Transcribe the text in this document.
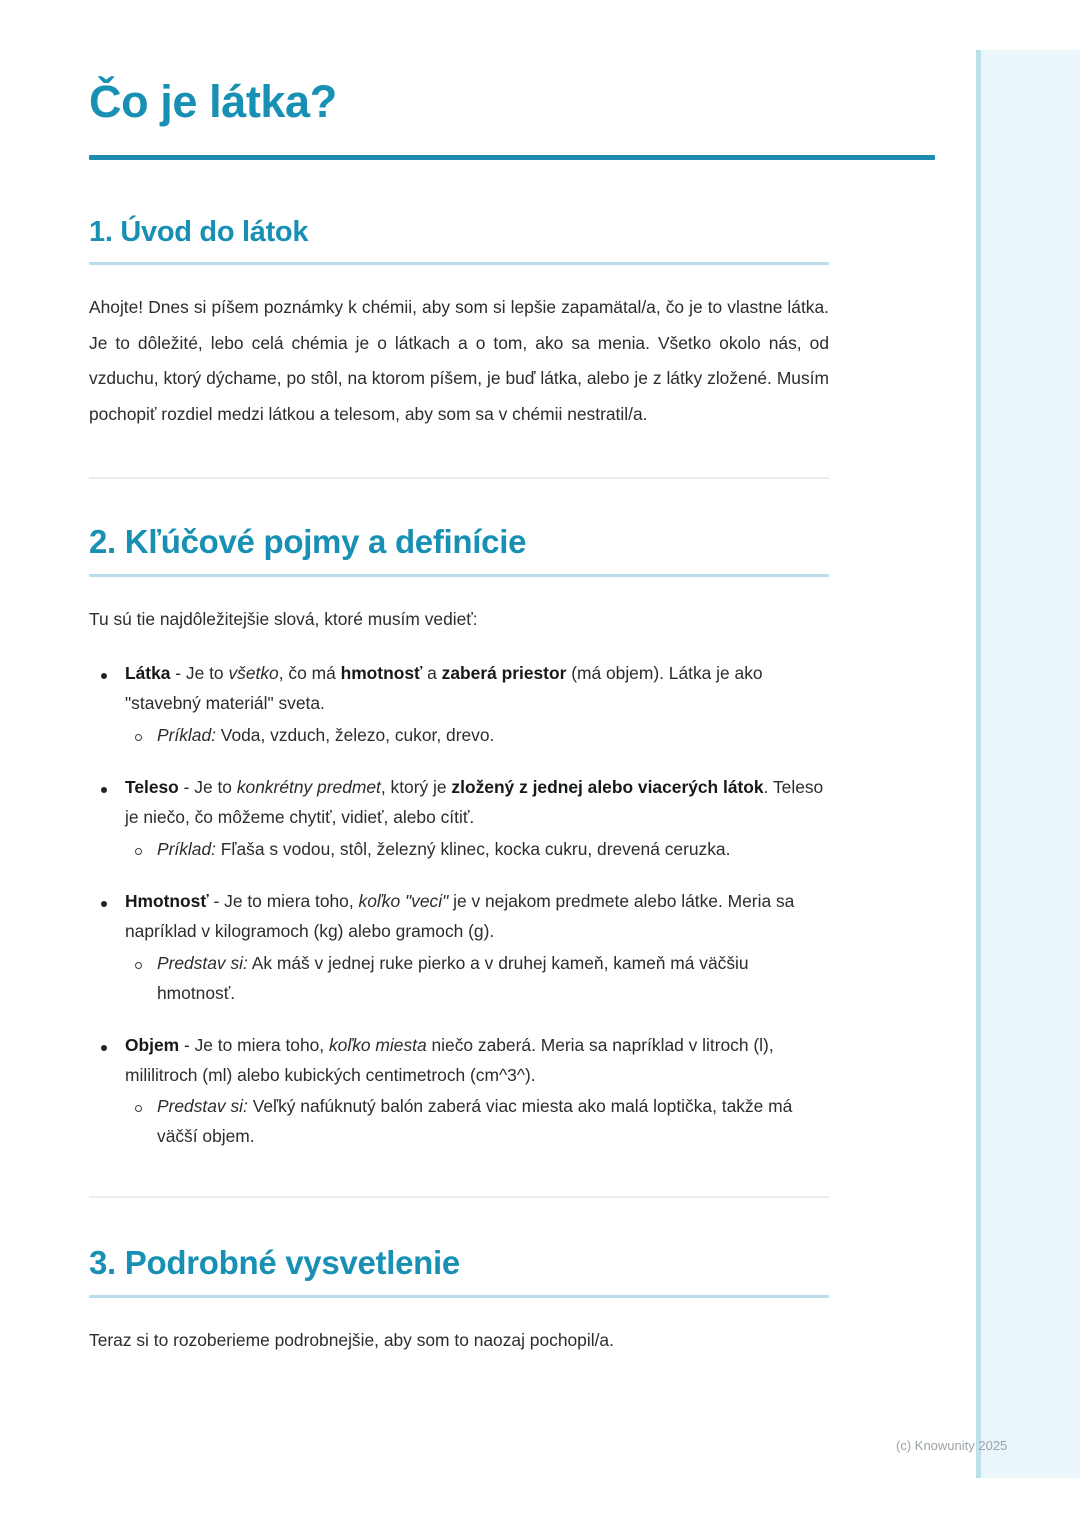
Čo je látka?
1. Úvod do látok

Ahojte! Dnes si píšem poznámky k chémii, aby som si lepšie zapamätal/a, čo je to vlastne látka. Je to dôležité, lebo celá chémia je o látkach a o tom, ako sa menia. Všetko okolo nás, od vzduchu, ktorý dýchame, po stôl, na ktorom píšem, je buď látka, alebo je z látky zložené. Musím pochopiť rozdiel medzi látkou a telesom, aby som sa v chémii nestratil/a.

2. Kľúčové pojmy a definície

Tu sú tie najdôležitejšie slová, ktoré musím vedieť:

Látka - Je to všetko, čo má hmotnosť a zaberá priestor (má objem). Látka je ako "stavebný materiál" sveta.
Príklad: Voda, vzduch, železo, cukor, drevo.
Teleso - Je to konkrétny predmet, ktorý je zložený z jednej alebo viacerých látok. Teleso je niečo, čo môžeme chytiť, vidieť, alebo cítiť.
Príklad: Fľaša s vodou, stôl, železný klinec, kocka cukru, drevená ceruzka.
Hmotnosť - Je to miera toho, koľko "veci" je v nejakom predmete alebo látke. Meria sa napríklad v kilogramoch (kg) alebo gramoch (g).
Predstav si: Ak máš v jednej ruke pierko a v druhej kameň, kameň má väčšiu hmotnosť.
Objem - Je to miera toho, koľko miesta niečo zaberá. Meria sa napríklad v litroch (l), mililitroch (ml) alebo kubických centimetroch (cm^3^).
Predstav si: Veľký nafúknutý balón zaberá viac miesta ako malá loptička, takže má väčší objem.
3. Podrobné vysvetlenie

Teraz si to rozoberieme podrobnejšie, aby som to naozaj pochopil/a.

(c) Knowunity 2025
